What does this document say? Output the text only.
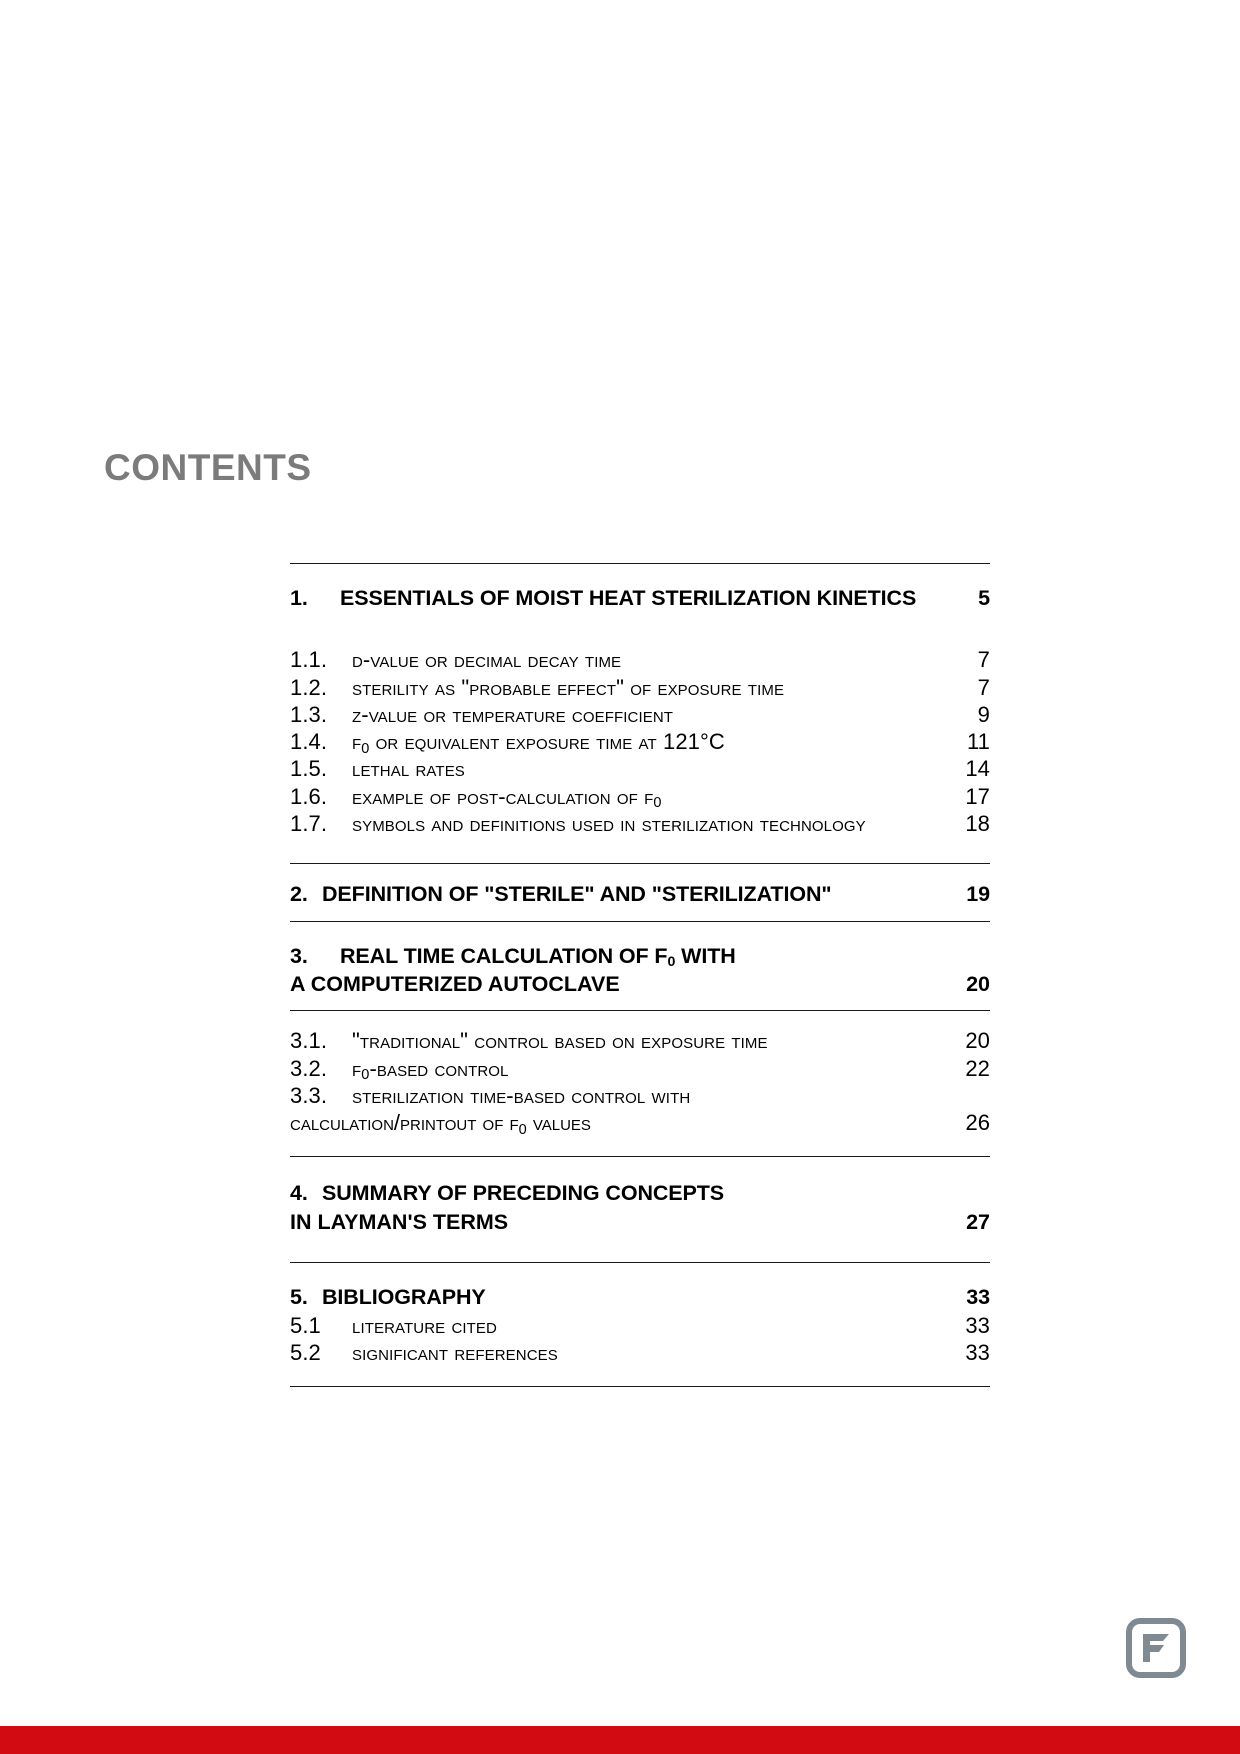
contents
1.	ESSENTIALS OF MOIST HEAT STERILIZATION KINETICS	5
1.1.	d-value or decimal decay time	7
1.2.	sterility as "probable effect" of exposure time	7
1.3.	z-value or temperature coefficient	9
1.4.	$f_0$ or equivalent exposure time at 121°C	11
1.5.	lethal rates	14
1.6.	example of post-calculation of $f_0$	17
1.7.	symbols and definitions used in sterilization technology	18
2. DEFINITION OF "STERILE" AND "STERILIZATION"	19
3.	REAL TIME CALCULATION OF $F_0$ WITH
A COMPUTERIZED AUTOCLAVE	20
3.1.	"traditional" control based on exposure time	20
3.2.	$f_0$-based control	22
3.3.	sterilization time-based control with
calculation/printout of $f_0$ values	26
4. SUMMARY OF PRECEDING CONCEPTS
IN LAYMAN'S TERMS	27
5. BIBLIOGRAPHY	33
5.1	literature cited	33
5.2	significant references	33
